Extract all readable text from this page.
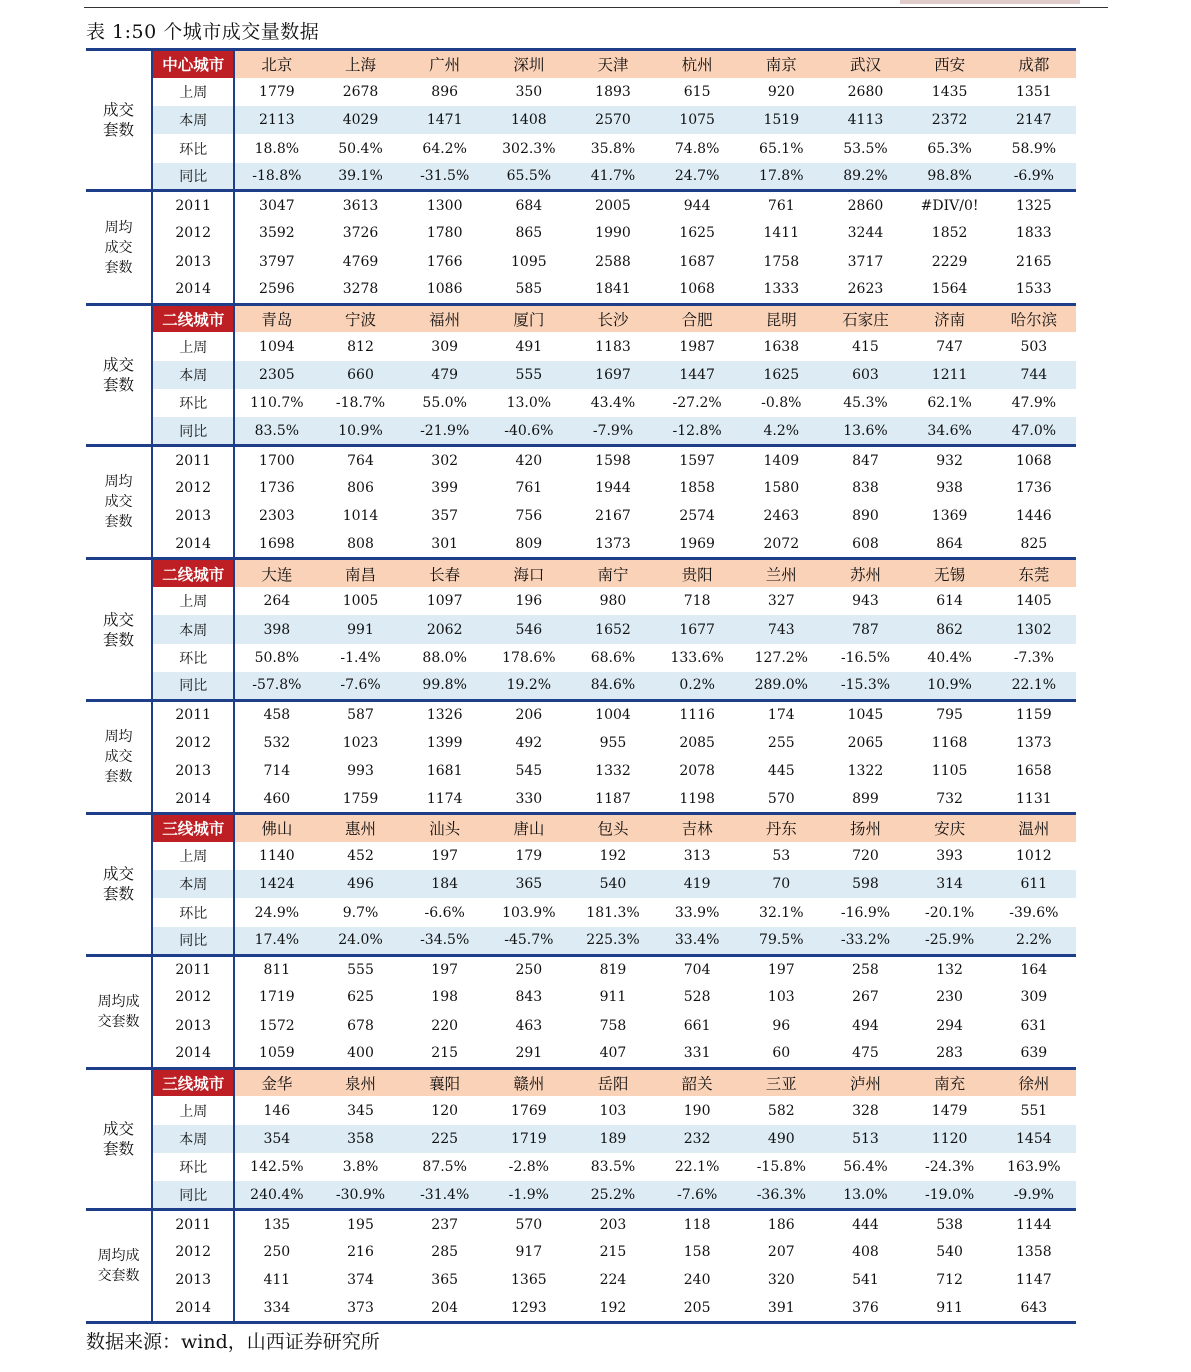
表 1:50 个城市成交量数据
成交
套数	中心城市	北京	上海	广州	深圳	天津	杭州	南京	武汉	西安	成都
	上周	1779	2678	896	350	1893	615	920	2680	1435	1351
	本周	2113	4029	1471	1408	2570	1075	1519	4113	2372	2147
	环比	18.8%	50.4%	64.2%	302.3%	35.8%	74.8%	65.1%	53.5%	65.3%	58.9%
	同比	-18.8%	39.1%	-31.5%	65.5%	41.7%	24.7%	17.8%	89.2%	98.8%	-6.9%
周均
成交
套数	2011	3047	3613	1300	684	2005	944	761	2860	#DIV/0!	1325
	2012	3592	3726	1780	865	1990	1625	1411	3244	1852	1833
	2013	3797	4769	1766	1095	2588	1687	1758	3717	2229	2165
	2014	2596	3278	1086	585	1841	1068	1333	2623	1564	1533
成交
套数	二线城市	青岛	宁波	福州	厦门	长沙	合肥	昆明	石家庄	济南	哈尔滨
	上周	1094	812	309	491	1183	1987	1638	415	747	503
	本周	2305	660	479	555	1697	1447	1625	603	1211	744
	环比	110.7%	-18.7%	55.0%	13.0%	43.4%	-27.2%	-0.8%	45.3%	62.1%	47.9%
	同比	83.5%	10.9%	-21.9%	-40.6%	-7.9%	-12.8%	4.2%	13.6%	34.6%	47.0%
周均
成交
套数	2011	1700	764	302	420	1598	1597	1409	847	932	1068
	2012	1736	806	399	761	1944	1858	1580	838	938	1736
	2013	2303	1014	357	756	2167	2574	2463	890	1369	1446
	2014	1698	808	301	809	1373	1969	2072	608	864	825
成交
套数	二线城市	大连	南昌	长春	海口	南宁	贵阳	兰州	苏州	无锡	东莞
	上周	264	1005	1097	196	980	718	327	943	614	1405
	本周	398	991	2062	546	1652	1677	743	787	862	1302
	环比	50.8%	-1.4%	88.0%	178.6%	68.6%	133.6%	127.2%	-16.5%	40.4%	-7.3%
	同比	-57.8%	-7.6%	99.8%	19.2%	84.6%	0.2%	289.0%	-15.3%	10.9%	22.1%
周均
成交
套数	2011	458	587	1326	206	1004	1116	174	1045	795	1159
	2012	532	1023	1399	492	955	2085	255	2065	1168	1373
	2013	714	993	1681	545	1332	2078	445	1322	1105	1658
	2014	460	1759	1174	330	1187	1198	570	899	732	1131
成交
套数	三线城市	佛山	惠州	汕头	唐山	包头	吉林	丹东	扬州	安庆	温州
	上周	1140	452	197	179	192	313	53	720	393	1012
	本周	1424	496	184	365	540	419	70	598	314	611
	环比	24.9%	9.7%	-6.6%	103.9%	181.3%	33.9%	32.1%	-16.9%	-20.1%	-39.6%
	同比	17.4%	24.0%	-34.5%	-45.7%	225.3%	33.4%	79.5%	-33.2%	-25.9%	2.2%
周均成
交套数	2011	811	555	197	250	819	704	197	258	132	164
	2012	1719	625	198	843	911	528	103	267	230	309
	2013	1572	678	220	463	758	661	96	494	294	631
	2014	1059	400	215	291	407	331	60	475	283	639
成交
套数	三线城市	金华	泉州	襄阳	赣州	岳阳	韶关	三亚	泸州	南充	徐州
	上周	146	345	120	1769	103	190	582	328	1479	551
	本周	354	358	225	1719	189	232	490	513	1120	1454
	环比	142.5%	3.8%	87.5%	-2.8%	83.5%	22.1%	-15.8%	56.4%	-24.3%	163.9%
	同比	240.4%	-30.9%	-31.4%	-1.9%	25.2%	-7.6%	-36.3%	13.0%	-19.0%	-9.9%
周均成
交套数	2011	135	195	237	570	203	118	186	444	538	1144
	2012	250	216	285	917	215	158	207	408	540	1358
	2013	411	374	365	1365	224	240	320	541	712	1147
	2014	334	373	204	1293	192	205	391	376	911	643
数据来源：wind，山西证券研究所
